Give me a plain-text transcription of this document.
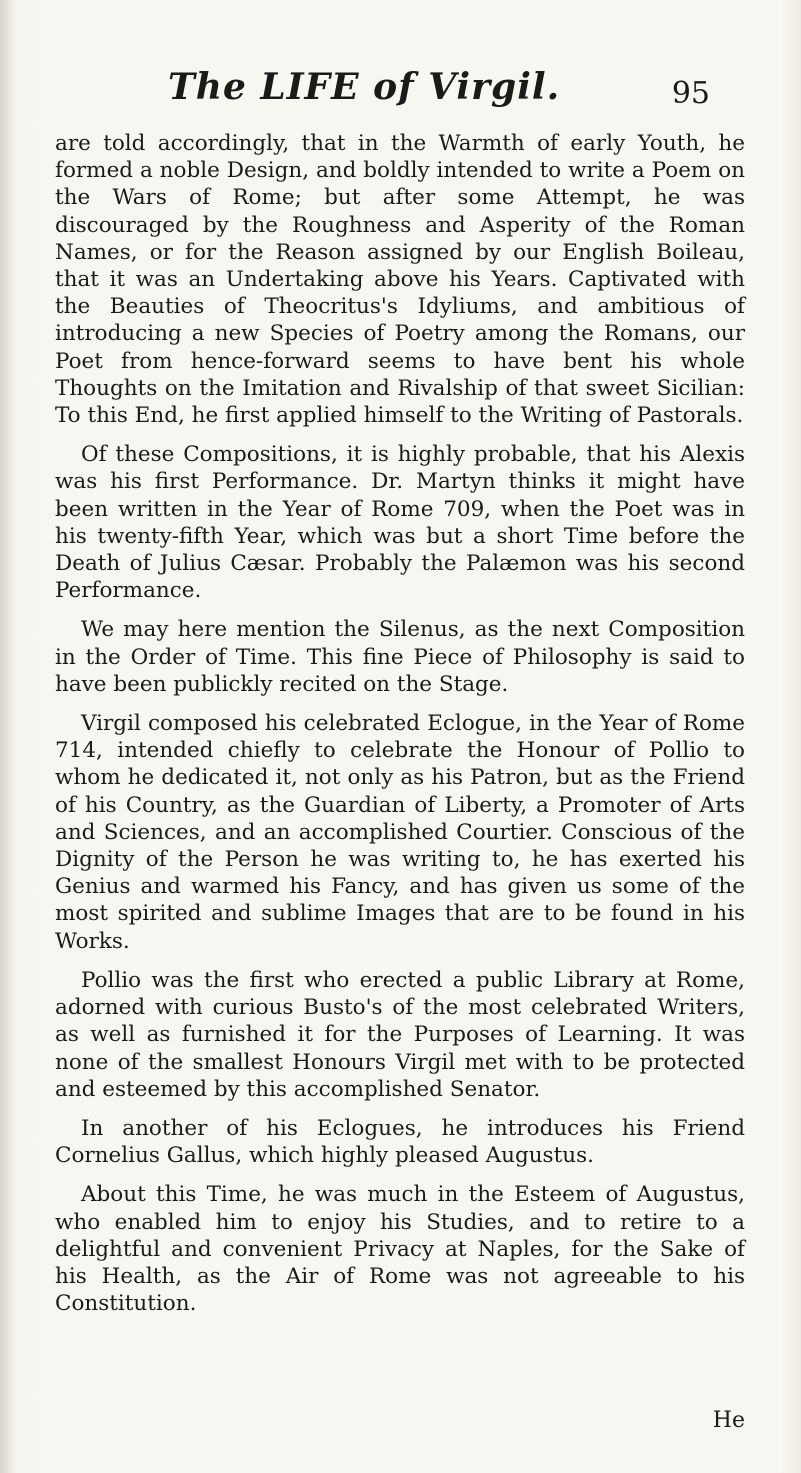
The LIFE of Virgil.	95

are told accordingly, that in the Warmth of early Youth, he formed a noble Design, and boldly intended to write a Poem on the Wars of Rome; but after some Attempt, he was discouraged by the Roughness and Asperity of the Roman Names, or for the Reason assigned by our English Boileau, that it was an Undertaking above his Years. Captivated with the Beauties of Theocritus's Idyliums, and ambitious of introducing a new Species of Poetry among the Romans, our Poet from hence-forward seems to have bent his whole Thoughts on the Imitation and Rivalship of that sweet Sicilian: To this End, he first applied himself to the Writing of Pastorals.

Of these Compositions, it is highly probable, that his Alexis was his first Performance. Dr. Martyn thinks it might have been written in the Year of Rome 709, when the Poet was in his twenty-fifth Year, which was but a short Time before the Death of Julius Cæsar. Probably the Palæmon was his second Performance.

We may here mention the Silenus, as the next Composition in the Order of Time. This fine Piece of Philosophy is said to have been publickly recited on the Stage.

Virgil composed his celebrated Eclogue, in the Year of Rome 714, intended chiefly to celebrate the Honour of Pollio to whom he dedicated it, not only as his Patron, but as the Friend of his Country, as the Guardian of Liberty, a Promoter of Arts and Sciences, and an accomplished Courtier. Conscious of the Dignity of the Person he was writing to, he has exerted his Genius and warmed his Fancy, and has given us some of the most spirited and sublime Images that are to be found in his Works.

Pollio was the first who erected a public Library at Rome, adorned with curious Busto's of the most celebrated Writers, as well as furnished it for the Purposes of Learning. It was none of the smallest Honours Virgil met with to be protected and esteemed by this accomplished Senator.

In another of his Eclogues, he introduces his Friend Cornelius Gallus, which highly pleased Augustus.

About this Time, he was much in the Esteem of Augustus, who enabled him to enjoy his Studies, and to retire to a delightful and convenient Privacy at Naples, for the Sake of his Health, as the Air of Rome was not agreeable to his Constitution.

He
